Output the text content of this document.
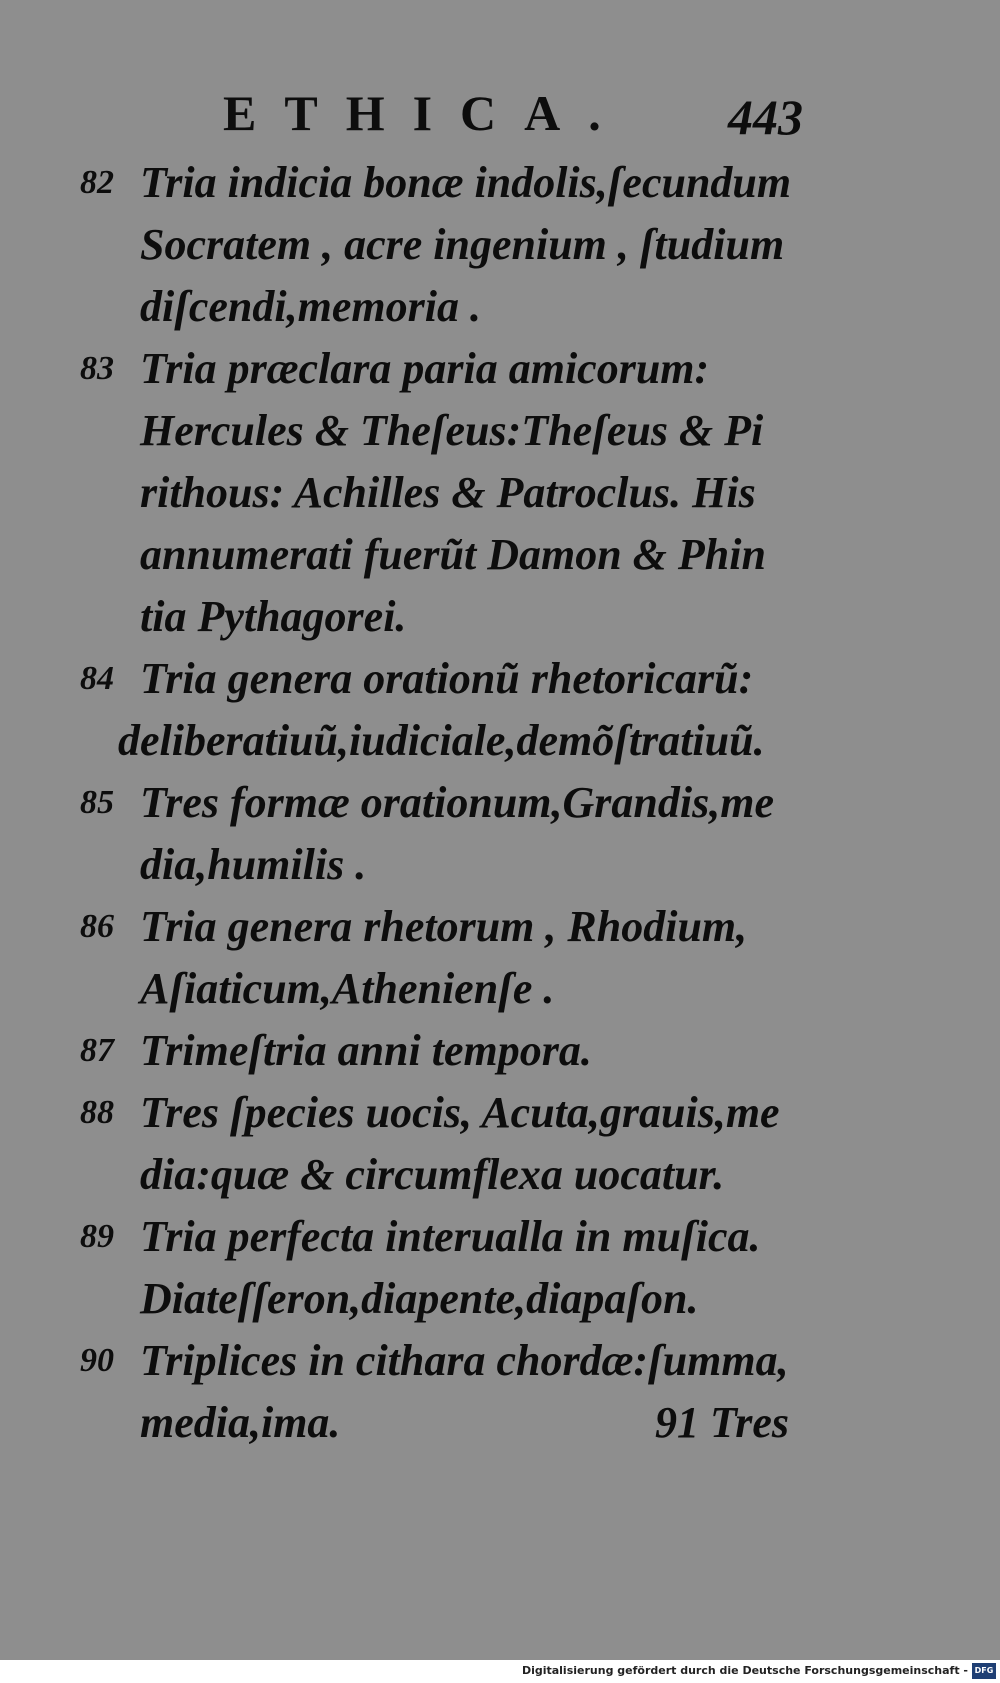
ETHICA. 443
82 Tria indicia bonæ indolis,ſecundum
Socratem , acre ingenium , ſtudium
diſcendi,memoria .
83 Tria præclara paria amicorum:
Hercules & Theſeus:Theſeus & Pi
rithous: Achilles & Patroclus. His
annumerati fuerũt Damon & Phin
tia Pythagorei.
84 Tria genera orationũ rhetoricarũ:
deliberatiuũ,iudiciale,demõſtratiuũ.
85 Tres formæ orationum,Grandis,me
dia,humilis .
86 Tria genera rhetorum , Rhodium,
Aſiaticum,Athenienſe .
87 Trimeſtria anni tempora.
88 Tres ſpecies uocis, Acuta,grauis,me
dia:quæ & circumflexa uocatur.
89 Tria perfecta interualla in muſica.
Diateſſeron,diapente,diapaſon.
90 Triplices in cithara chordæ:ſumma,
media,ima.	91 Tres
Digitalisierung gefördert durch die Deutsche Forschungsgemeinschaft - DFG
